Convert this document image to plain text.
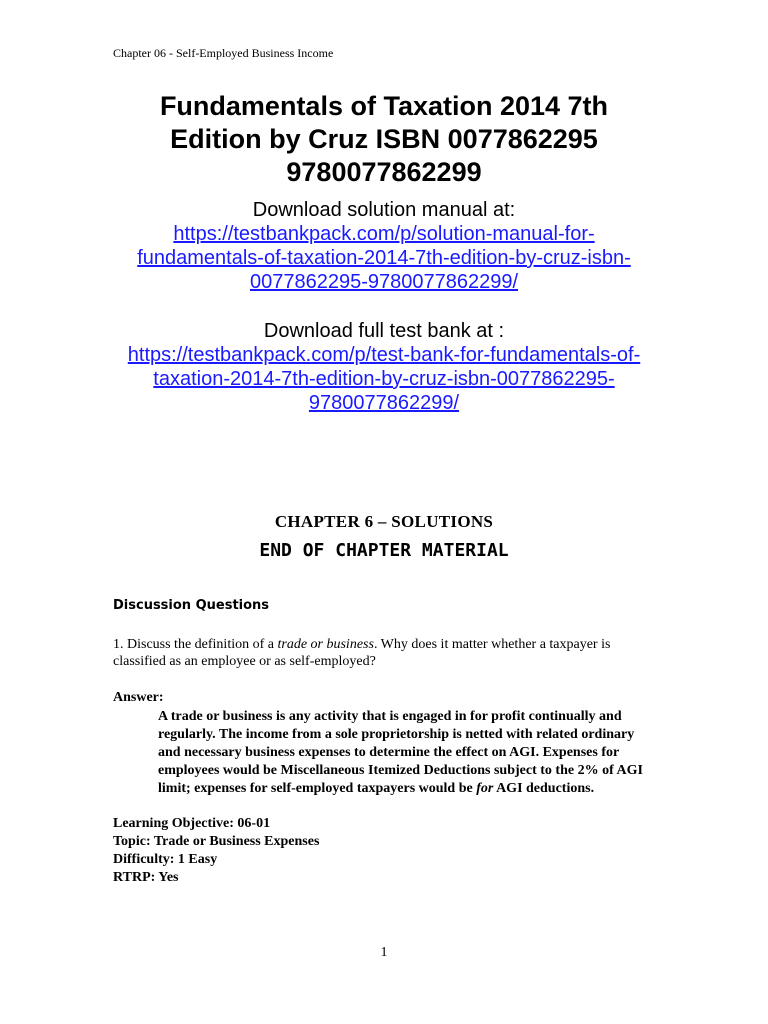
Chapter 06 - Self-Employed Business Income
Fundamentals of Taxation 2014 7th
Edition by Cruz ISBN 0077862295
9780077862299
Download solution manual at:
https://testbankpack.com/p/solution-manual-for-
fundamentals-of-taxation-2014-7th-edition-by-cruz-isbn-
0077862295-9780077862299/
Download full test bank at :
https://testbankpack.com/p/test-bank-for-fundamentals-of-
taxation-2014-7th-edition-by-cruz-isbn-0077862295-
9780077862299/
CHAPTER 6 – SOLUTIONS
END OF CHAPTER MATERIAL
Discussion Questions
1. Discuss the definition of a trade or business. Why does it matter whether a taxpayer is classified as an employee or as self-employed?
Answer:
A trade or business is any activity that is engaged in for profit continually and regularly. The income from a sole proprietorship is netted with related ordinary and necessary business expenses to determine the effect on AGI. Expenses for employees would be Miscellaneous Itemized Deductions subject to the 2% of AGI limit; expenses for self-employed taxpayers would be for AGI deductions.
Learning Objective: 06-01
Topic: Trade or Business Expenses
Difficulty: 1 Easy
RTRP: Yes
1
